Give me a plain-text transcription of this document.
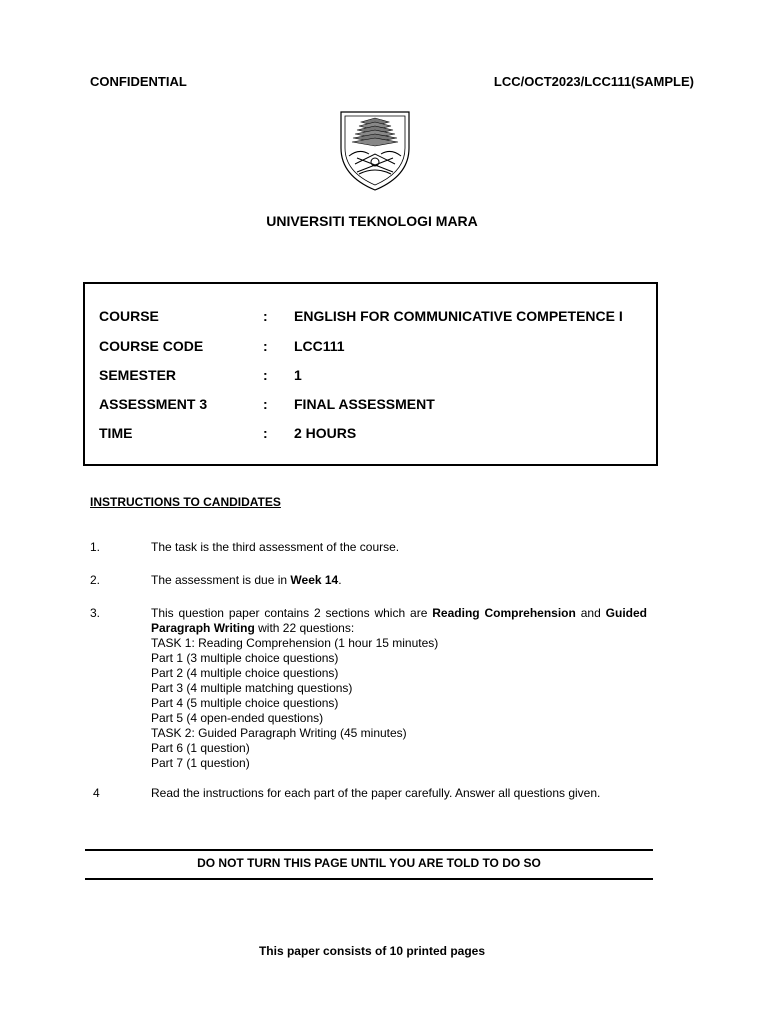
CONFIDENTIAL	LCC/OCT2023/LCC111(SAMPLE)
UNIVERSITI TEKNOLOGI MARA
COURSE	: ENGLISH FOR COMMUNICATIVE COMPETENCE I
COURSE CODE	: LCC111
SEMESTER	: 1
ASSESSMENT 3	: FINAL ASSESSMENT
TIME	: 2 HOURS
INSTRUCTIONS TO CANDIDATES
1.	The task is the third assessment of the course.
2.	The assessment is due in Week 14.
3.	This question paper contains 2 sections which are Reading Comprehension and Guided Paragraph Writing with 22 questions:
TASK 1: Reading Comprehension (1 hour 15 minutes)
Part 1 (3 multiple choice questions)
Part 2 (4 multiple choice questions)
Part 3 (4 multiple matching questions)
Part 4 (5 multiple choice questions)
Part 5 (4 open-ended questions)
TASK 2: Guided Paragraph Writing (45 minutes)
Part 6 (1 question)
Part 7 (1 question)
4	Read the instructions for each part of the paper carefully. Answer all questions given.
DO NOT TURN THIS PAGE UNTIL YOU ARE TOLD TO DO SO
This paper consists of 10 printed pages
